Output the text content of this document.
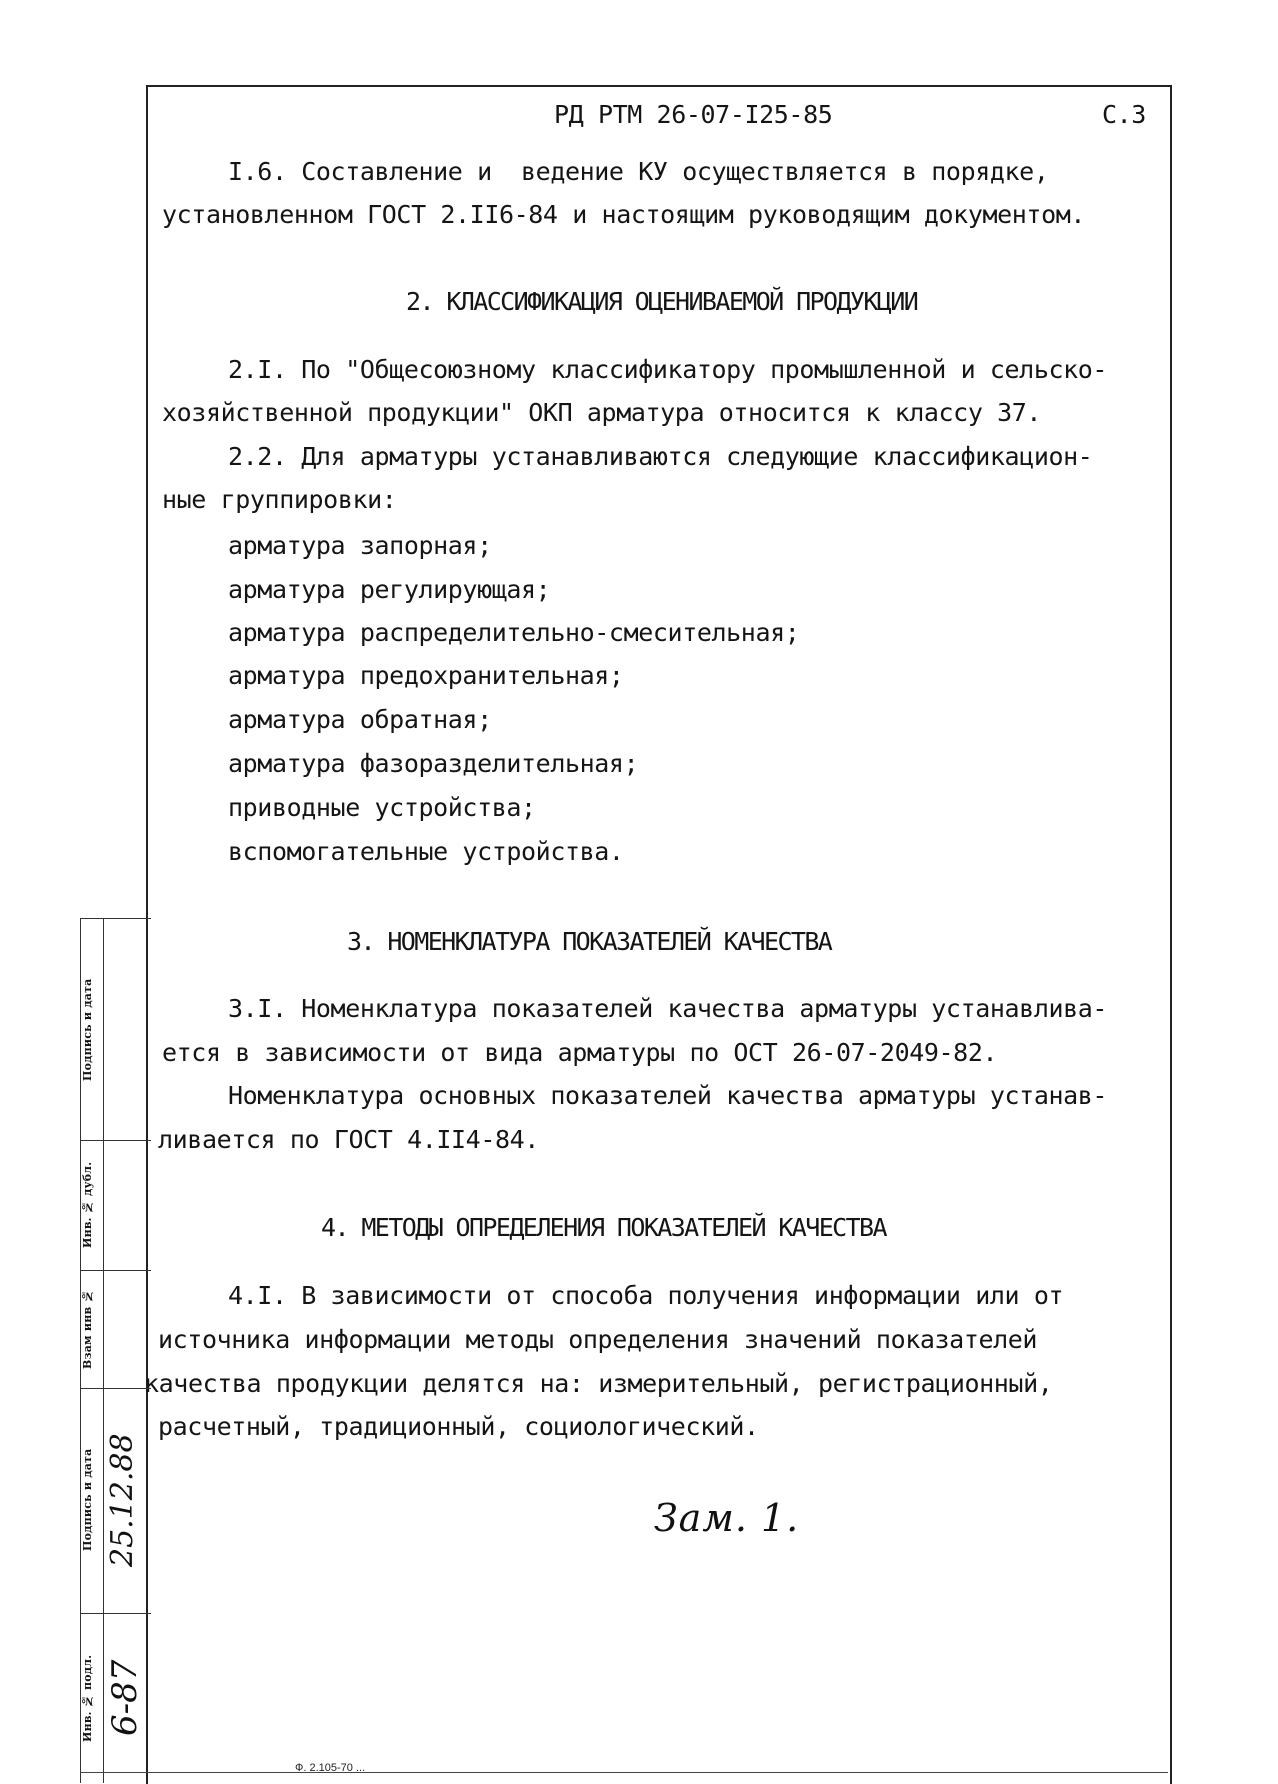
РД РТМ 26-07-I25-85	С.3
I.6. Составление и  ведение КУ осуществляется в порядке,
установленном ГОСТ 2.II6-84 и настоящим руководящим документом.
2. КЛАССИФИКАЦИЯ ОЦЕНИВАЕМОЙ ПРОДУКЦИИ
2.I. По "Общесоюзному классификатору промышленной и сельско-
хозяйственной продукции" ОКП арматура относится к классу 37.
2.2. Для арматуры устанавливаются следующие классификацион-
ные группировки:
арматура запорная;
арматура регулирующая;
арматура распределительно-смесительная;
арматура предохранительная;
арматура обратная;
арматура фазоразделительная;
приводные устройства;
вспомогательные устройства.
3. НОМЕНКЛАТУРА ПОКАЗАТЕЛЕЙ КАЧЕСТВА
3.I. Номенклатура показателей качества арматуры устанавлива-
ется в зависимости от вида арматуры по ОСТ 26-07-2049-82.
Номенклатура основных показателей качества арматуры устанав-
ливается по ГОСТ 4.II4-84.
4. МЕТОДЫ ОПРЕДЕЛЕНИЯ ПОКАЗАТЕЛЕЙ КАЧЕСТВА
4.I. В зависимости от способа получения информации или от
источника информации методы определения значений показателей
качества продукции делятся на: измерительный, регистрационный,
расчетный, традиционный, социологический.
Зам. 1.
Инв. № подл.
Подпись и дата
Взам инв №
Инв. № дубл.
Подпись и дата
6-87
25.12.88
Ф. 2.105-70 ...
